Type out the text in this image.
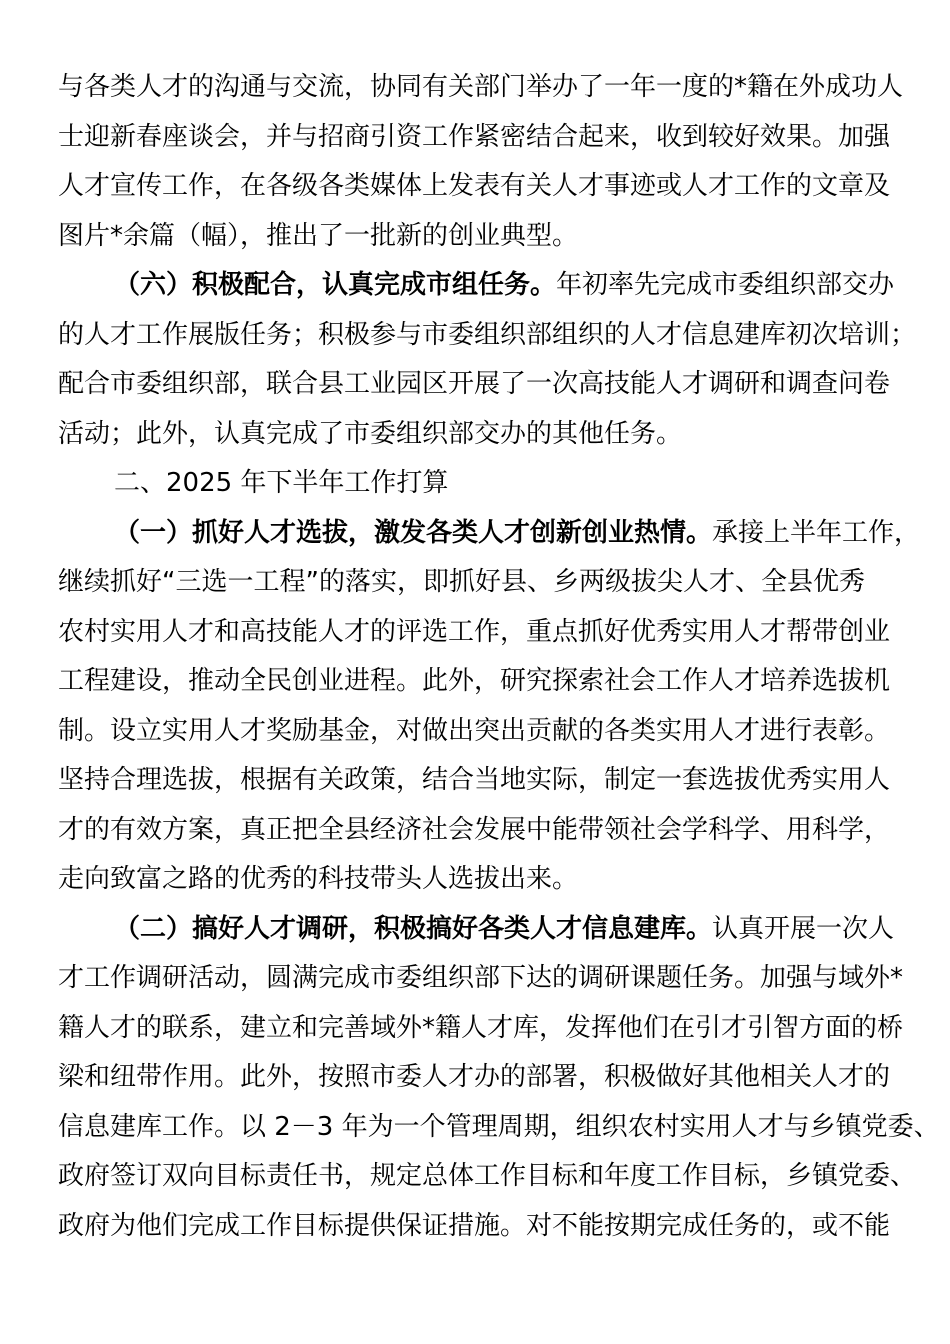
与各类人才的沟通与交流，协同有关部门举办了一年一度的*籍在外成功人
士迎新春座谈会，并与招商引资工作紧密结合起来，收到较好效果。加强
人才宣传工作，在各级各类媒体上发表有关人才事迹或人才工作的文章及
图片*余篇（幅），推出了一批新的创业典型。
（六）积极配合，认真完成市组任务。年初率先完成市委组织部交办
的人才工作展版任务；积极参与市委组织部组织的人才信息建库初次培训；
配合市委组织部，联合县工业园区开展了一次高技能人才调研和调查问卷
活动；此外，认真完成了市委组织部交办的其他任务。
二、2025 年下半年工作打算
（一）抓好人才选拔，激发各类人才创新创业热情。承接上半年工作，
继续抓好“三选一工程”的落实，即抓好县、乡两级拔尖人才、全县优秀
农村实用人才和高技能人才的评选工作，重点抓好优秀实用人才帮带创业
工程建设，推动全民创业进程。此外，研究探索社会工作人才培养选拔机
制。设立实用人才奖励基金，对做出突出贡献的各类实用人才进行表彰。
坚持合理选拔，根据有关政策，结合当地实际，制定一套选拔优秀实用人
才的有效方案，真正把全县经济社会发展中能带领社会学科学、用科学，
走向致富之路的优秀的科技带头人选拔出来。
（二）搞好人才调研，积极搞好各类人才信息建库。认真开展一次人
才工作调研活动，圆满完成市委组织部下达的调研课题任务。加强与域外*
籍人才的联系，建立和完善域外*籍人才库，发挥他们在引才引智方面的桥
梁和纽带作用。此外，按照市委人才办的部署，积极做好其他相关人才的
信息建库工作。以 2－3 年为一个管理周期，组织农村实用人才与乡镇党委、
政府签订双向目标责任书，规定总体工作目标和年度工作目标，乡镇党委、
政府为他们完成工作目标提供保证措施。对不能按期完成任务的，或不能
